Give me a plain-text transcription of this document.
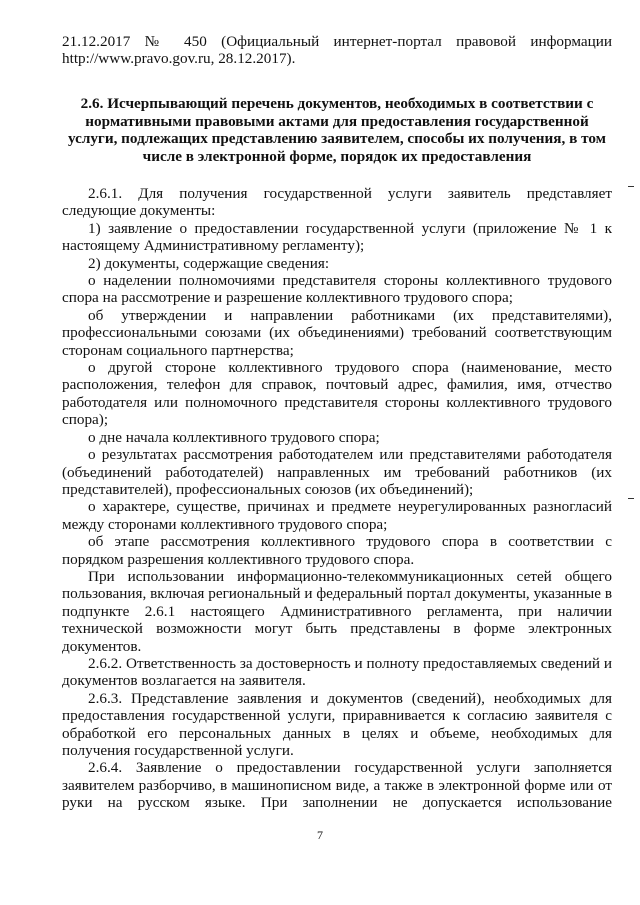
21.12.2017 № 450 (Официальный интернет-портал правовой информации http://www.pravo.gov.ru, 28.12.2017).

2.6. Исчерпывающий перечень документов, необходимых в соответствии с нормативными правовыми актами для предоставления государственной услуги, подлежащих представлению заявителем, способы их получения, в том числе в электронной форме, порядок их предоставления

2.6.1. Для получения государственной услуги заявитель представляет следующие документы:

1) заявление о предоставлении государственной услуги (приложение № 1 к настоящему Административному регламенту);

2) документы, содержащие сведения:

о наделении полномочиями представителя стороны коллективного трудового спора на рассмотрение и разрешение коллективного трудового спора;

об утверждении и направлении работниками (их представителями), профессиональными союзами (их объединениями) требований соответствующим сторонам социального партнерства;

о другой стороне коллективного трудового спора (наименование, место расположения, телефон для справок, почтовый адрес, фамилия, имя, отчество работодателя или полномочного представителя стороны коллективного трудового спора);

о дне начала коллективного трудового спора;

о результатах рассмотрения работодателем или представителями работодателя (объединений работодателей) направленных им требований работников (их представителей), профессиональных союзов (их объединений);

о характере, существе, причинах и предмете неурегулированных разногласий между сторонами коллективного трудового спора;

об этапе рассмотрения коллективного трудового спора в соответствии с порядком разрешения коллективного трудового спора.

При использовании информационно-телекоммуникационных сетей общего пользования, включая региональный и федеральный портал документы, указанные в подпункте 2.6.1 настоящего Административного регламента, при наличии технической возможности могут быть представлены в форме электронных документов.

2.6.2. Ответственность за достоверность и полноту предоставляемых сведений и документов возлагается на заявителя.

2.6.3. Представление заявления и документов (сведений), необходимых для предоставления государственной услуги, приравнивается к согласию заявителя с обработкой его персональных данных в целях и объеме, необходимых для получения государственной услуги.

2.6.4. Заявление о предоставлении государственной услуги заполняется заявителем разборчиво, в машинописном виде, а также в электронной форме или от руки на русском языке. При заполнении не допускается использование

7
